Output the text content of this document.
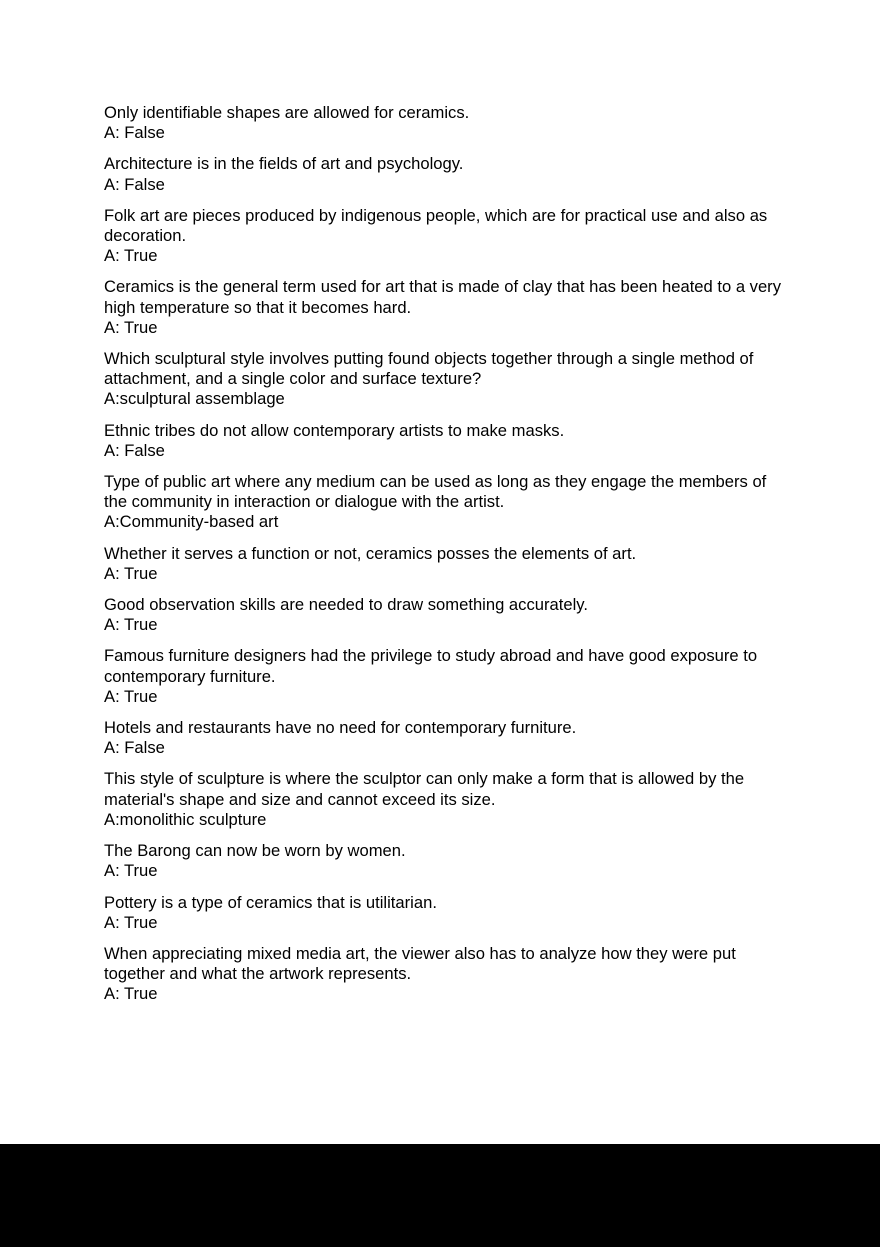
Only identifiable shapes are allowed for ceramics.
A: False
Architecture is in the fields of art and psychology.
A: False
Folk art are pieces produced by indigenous people, which are for practical use and also as decoration.
A: True
Ceramics is the general term used for art that is made of clay that has been heated to a very high temperature so that it becomes hard.
A: True
Which sculptural style involves putting found objects together through a single method of attachment, and a single color and surface texture?
A:sculptural assemblage
Ethnic tribes do not allow contemporary artists to make masks.
A: False
Type of public art where any medium can be used as long as they engage the members of the community in interaction or dialogue with the artist.
A:Community-based art
Whether it serves a function or not, ceramics posses the elements of art.
A: True
Good observation skills are needed to draw something accurately.
A: True
Famous furniture designers had the privilege to study abroad and have good exposure to contemporary furniture.
A: True
Hotels and restaurants have no need for contemporary furniture.
A: False
This style of sculpture is where the sculptor can only make a form that is allowed by the material's shape and size and cannot exceed its size.
A:monolithic sculpture
The Barong can now be worn by women.
A: True
Pottery is a type of ceramics that is utilitarian.
A: True
When appreciating mixed media art, the viewer also has to analyze how they were put together and what the artwork represents.
A: True
